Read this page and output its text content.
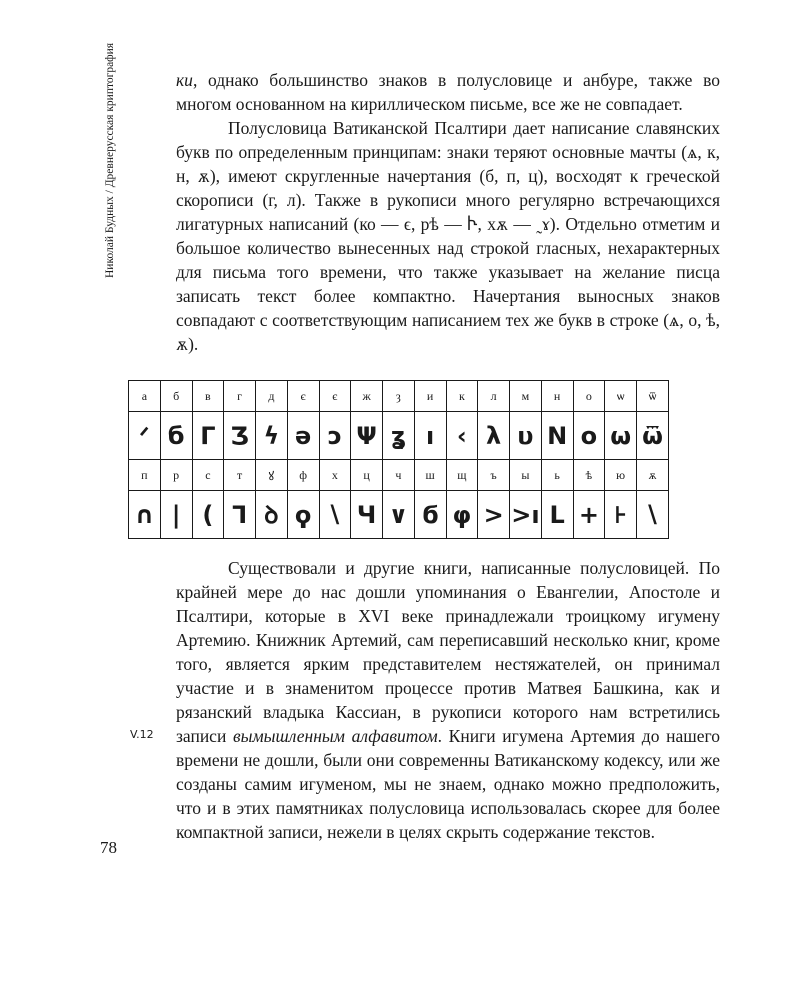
Николай Будных / Древнерусская криптография	ки, однако большинство знаков в полусловице и анбуре, также во многом основанном на кириллическом письме, все же не совпадает.

Полусловица Ватиканской Псалтири дает написание славянских букв по определенным принципам: знаки теряют основные мачты (ѧ, к, н, ѫ), имеют скругленные начертания (б, п, ц), восходят к греческой скорописи (г, л). Также в рукописи много регулярно встречающихся лигатурных написаний (ко — ϵ, рѣ — Ⴡ, хѫ — ˷ɤ). Отдельно отметим и большое количество вынесенных над строкой гласных, нехарактерных для письма того времени, что также указывает на желание писца записать текст более компактно. Начертания выносных знаков совпадают с соответствующим написанием тех же букв в строке (ѧ, о, ѣ, ѫ).

а	б	в	г	д	є	є	ж	ȝ	и	к	л	м	н	о	ѡ	ѿ
ᐟ	б	Γ	Ʒ	ϟ	ə	ɔ	Ψ	ʓ	ı	‹	λ	υ	N	o	ω	ѿ
п	р	с	т	ꙋ	ф	х	ц	ч	ш	щ	ъ	ы	ь	ѣ	ю	ѫ
∩	|	(	ᒣ	ꝺ	ϙ	∖	Ч	∨	ϭ	φ	>	>ı	L	+	⊦	∖
V.12

Существовали и другие книги, написанные полусловицей. По крайней мере до нас дошли упоминания о Евангелии, Апостоле и Псалтири, которые в XVI веке принадлежали троицкому игумену Артемию. Книжник Артемий, сам переписавший несколько книг, кроме того, является ярким представителем нестяжателей, он принимал участие и в знаменитом процессе против Матвея Башкина, как и рязанский владыка Кассиан, в рукописи которого нам встретились записи вымышленным алфавитом. Книги игумена Артемия до нашего времени не дошли, были они современны Ватиканскому кодексу, или же созданы самим игуменом, мы не знаем, однако можно предположить, что и в этих памятниках полусловица использовалась скорее для более компактной записи, нежели в целях скрыть содержание текстов.

78
